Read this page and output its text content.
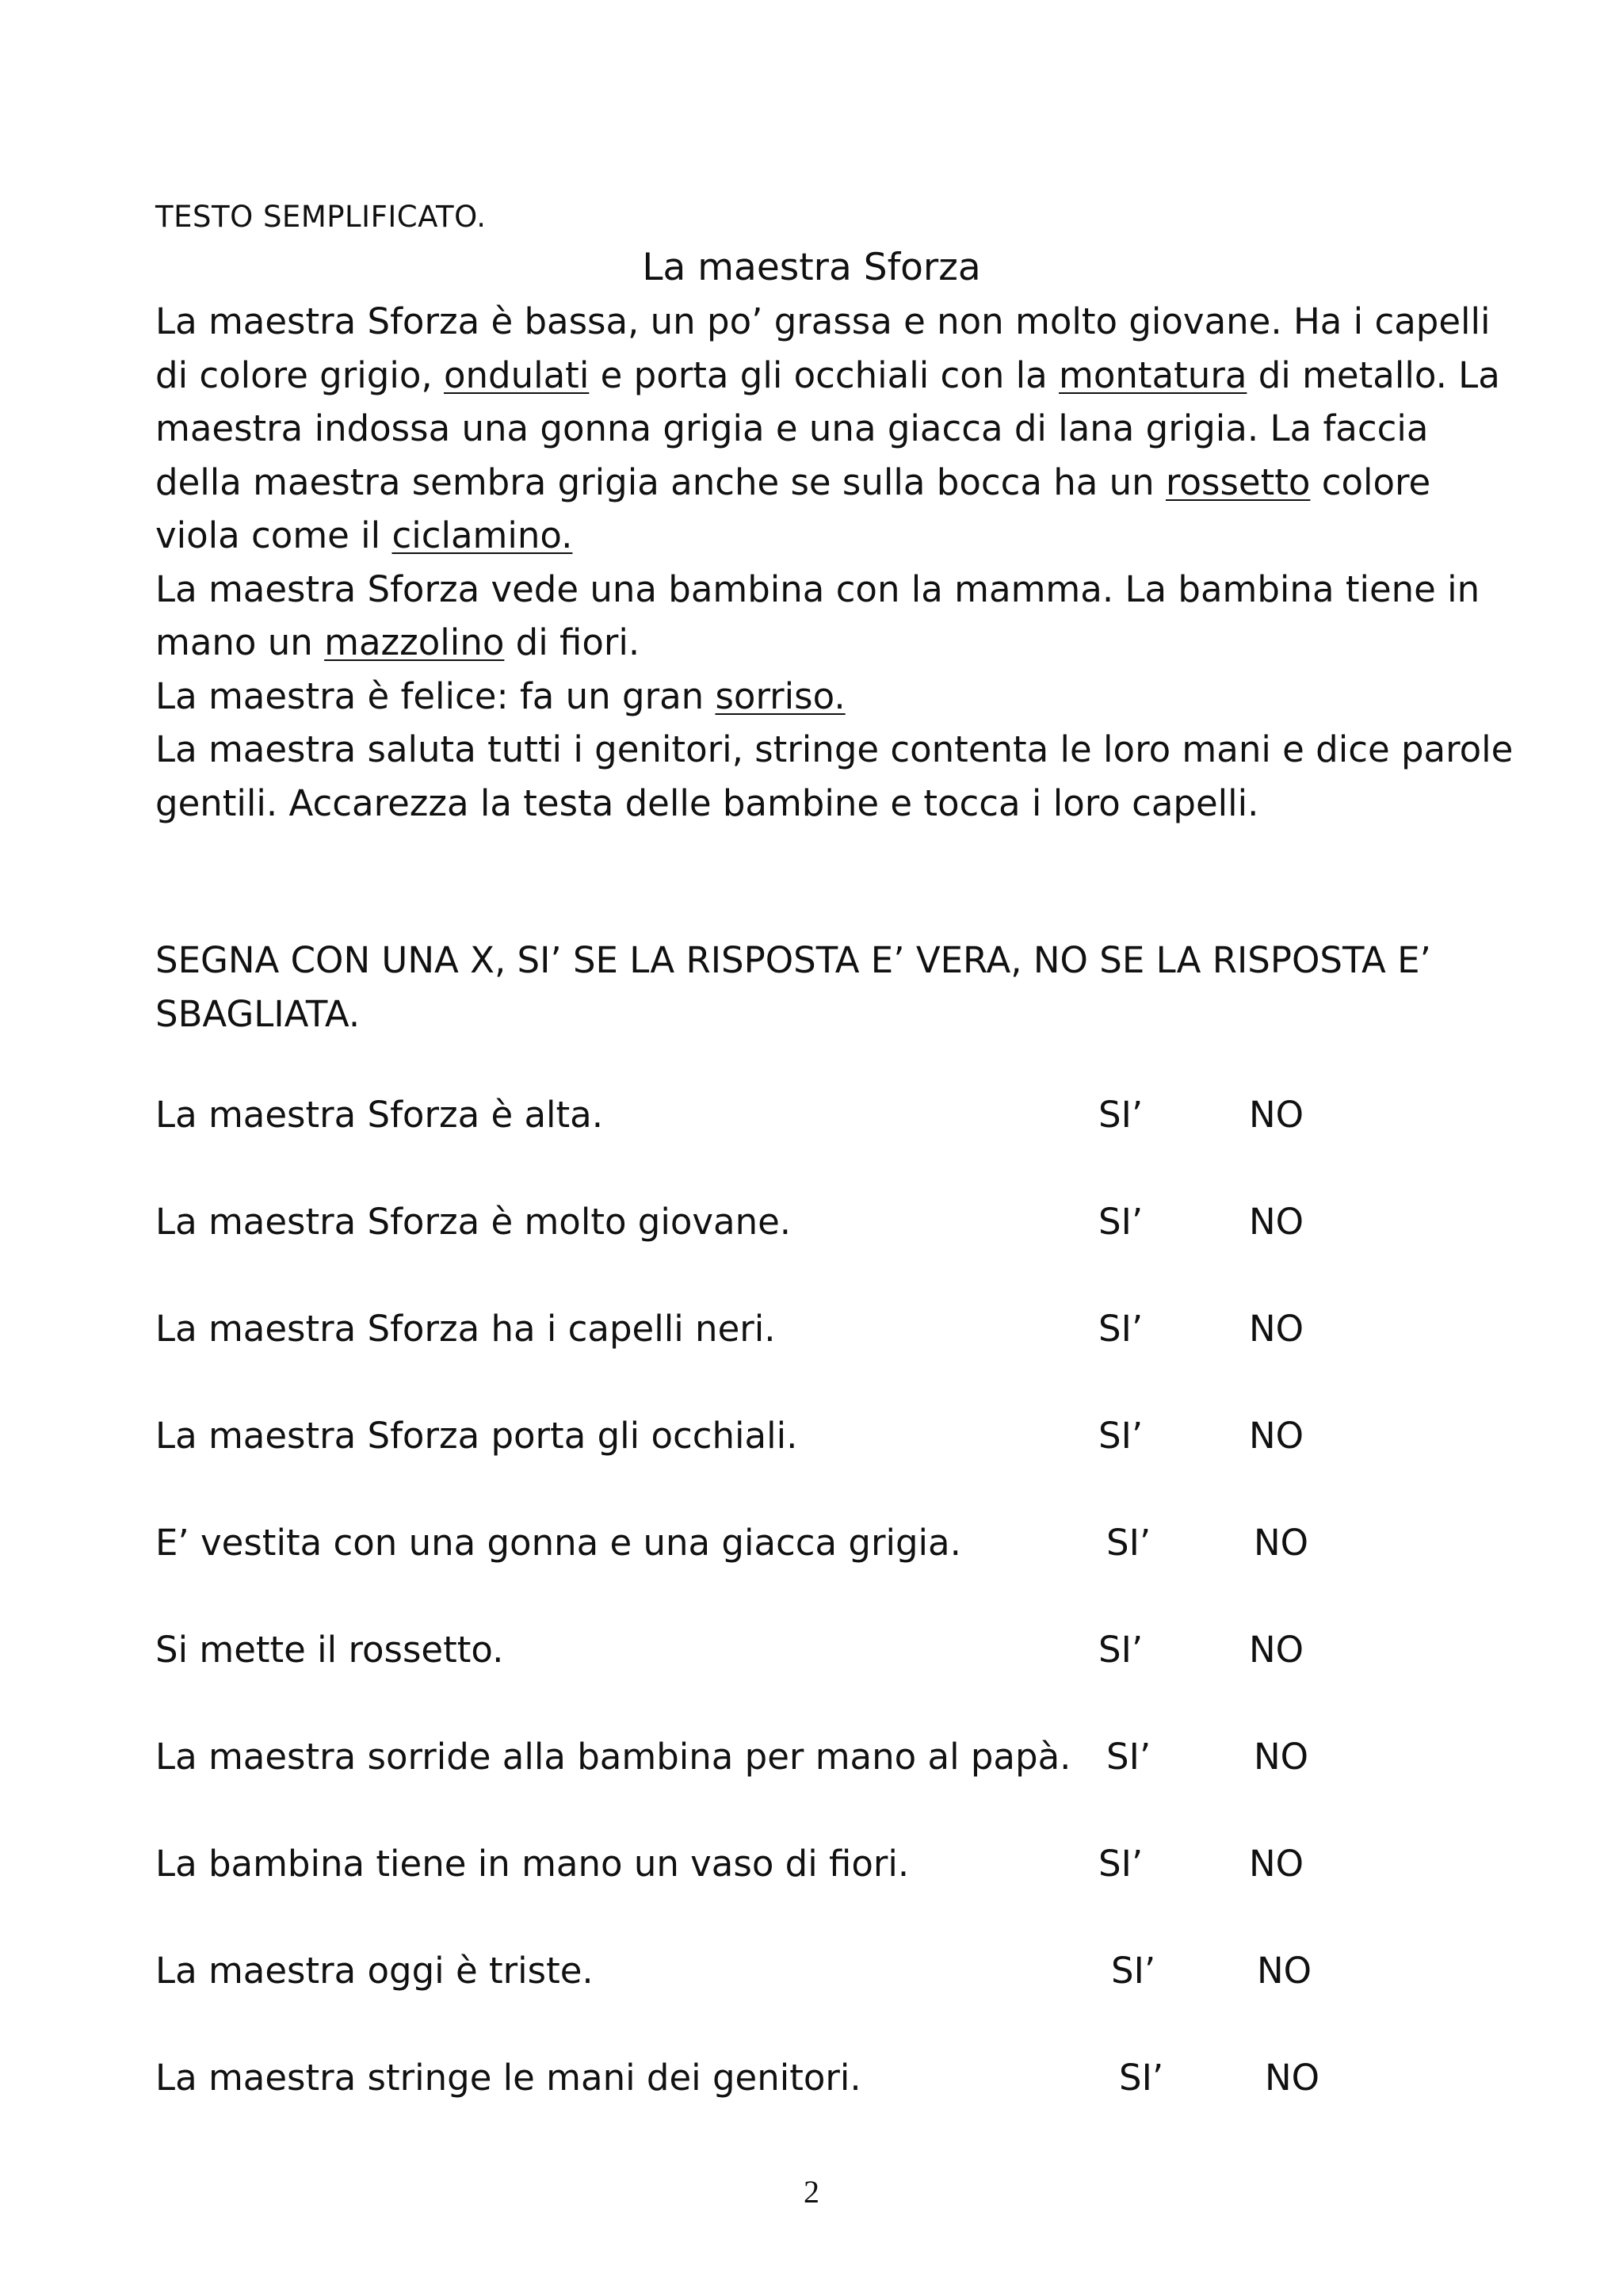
TESTO SEMPLIFICATO.
La maestra Sforza

La maestra Sforza è bassa, un po’ grassa e non molto giovane. Ha i capelli di colore grigio, ondulati e porta gli occhiali con la montatura di metallo. La maestra indossa una gonna grigia e una giacca di lana grigia. La faccia della maestra sembra grigia anche se sulla bocca ha un rossetto colore viola come il ciclamino.

La maestra Sforza vede una bambina con la mamma. La bambina tiene in mano un mazzolino di fiori.

La maestra è felice: fa un gran sorriso.

La maestra saluta tutti i genitori, stringe contenta le loro mani e dice parole gentili. Accarezza la testa delle bambine e tocca i loro capelli.

SEGNA CON UNA X, SI’ SE LA RISPOSTA E’ VERA, NO SE LA RISPOSTA E’ SBAGLIATA.

La maestra Sforza è alta.	SI’	NO
La maestra Sforza è molto giovane.	SI’	NO
La maestra Sforza ha i capelli neri.	SI’	NO
La maestra Sforza porta gli occhiali.	SI’	NO
E’ vestita con una gonna e una giacca grigia.	SI’	NO
Si mette il rossetto.	SI’	NO
La maestra sorride alla bambina per mano al papà. SI’	NO
La bambina tiene in mano un vaso di fiori.	SI’	NO
La maestra oggi è triste.	SI’	NO
La maestra stringe le mani dei genitori.	SI’	NO
2
